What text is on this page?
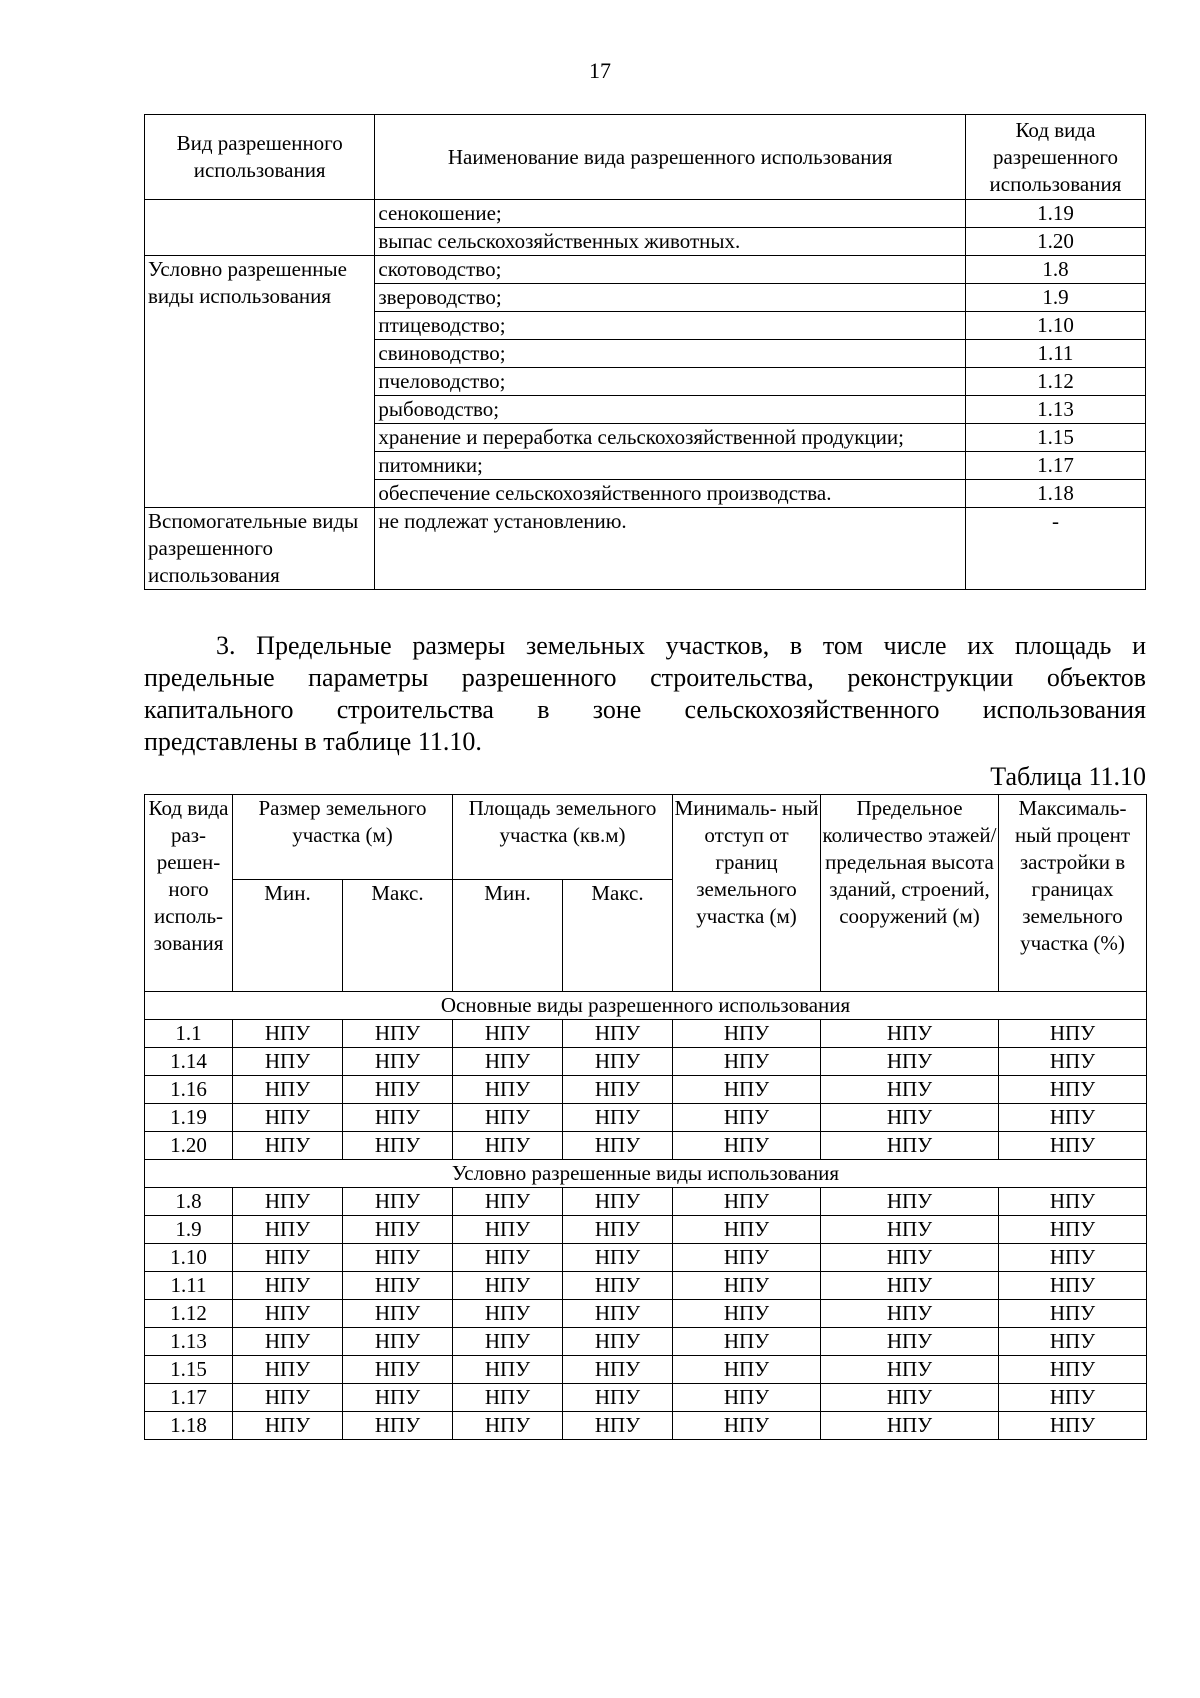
17
Вид разрешенного использования	Наименование вида разрешенного использования	Код вида разрешенного использования
	сенокошение;	1.19
	выпас сельскохозяйственных животных.	1.20
Условно разрешенные виды использования	скотоводство;	1.8
	звероводство;	1.9
	птицеводство;	1.10
	свиноводство;	1.11
	пчеловодство;	1.12
	рыбоводство;	1.13
	хранение и переработка сельскохозяйственной продукции;	1.15
	питомники;	1.17
	обеспечение сельскохозяйственного производства.	1.18
Вспомогательные виды разрешенного использования	не подлежат установлению.	-
3. Предельные размеры земельных участков, в том числе их площадь и
предельные параметры разрешенного строительства, реконструкции объектов
капитального строительства в зоне сельскохозяйственного использования
представлены в таблице 11.10.
Таблица 11.10
Код вида раз- решен- ного исполь- зования	Размер земельного участка (м)		Площадь земельного участка (кв.м)		Минималь- ный отступ от границ земельного участка (м)	Предельное количество этажей/ предельная высота зданий, строений, сооружений (м)	Максималь- ный процент застройки в границах земельного участка (%)
	Мин.	Макс.	Мин.	Макс.			
Основные виды разрешенного использования							
1.1	НПУ	НПУ	НПУ	НПУ	НПУ	НПУ	НПУ
1.14	НПУ	НПУ	НПУ	НПУ	НПУ	НПУ	НПУ
1.16	НПУ	НПУ	НПУ	НПУ	НПУ	НПУ	НПУ
1.19	НПУ	НПУ	НПУ	НПУ	НПУ	НПУ	НПУ
1.20	НПУ	НПУ	НПУ	НПУ	НПУ	НПУ	НПУ
Условно разрешенные виды использования							
1.8	НПУ	НПУ	НПУ	НПУ	НПУ	НПУ	НПУ
1.9	НПУ	НПУ	НПУ	НПУ	НПУ	НПУ	НПУ
1.10	НПУ	НПУ	НПУ	НПУ	НПУ	НПУ	НПУ
1.11	НПУ	НПУ	НПУ	НПУ	НПУ	НПУ	НПУ
1.12	НПУ	НПУ	НПУ	НПУ	НПУ	НПУ	НПУ
1.13	НПУ	НПУ	НПУ	НПУ	НПУ	НПУ	НПУ
1.15	НПУ	НПУ	НПУ	НПУ	НПУ	НПУ	НПУ
1.17	НПУ	НПУ	НПУ	НПУ	НПУ	НПУ	НПУ
1.18	НПУ	НПУ	НПУ	НПУ	НПУ	НПУ	НПУ
